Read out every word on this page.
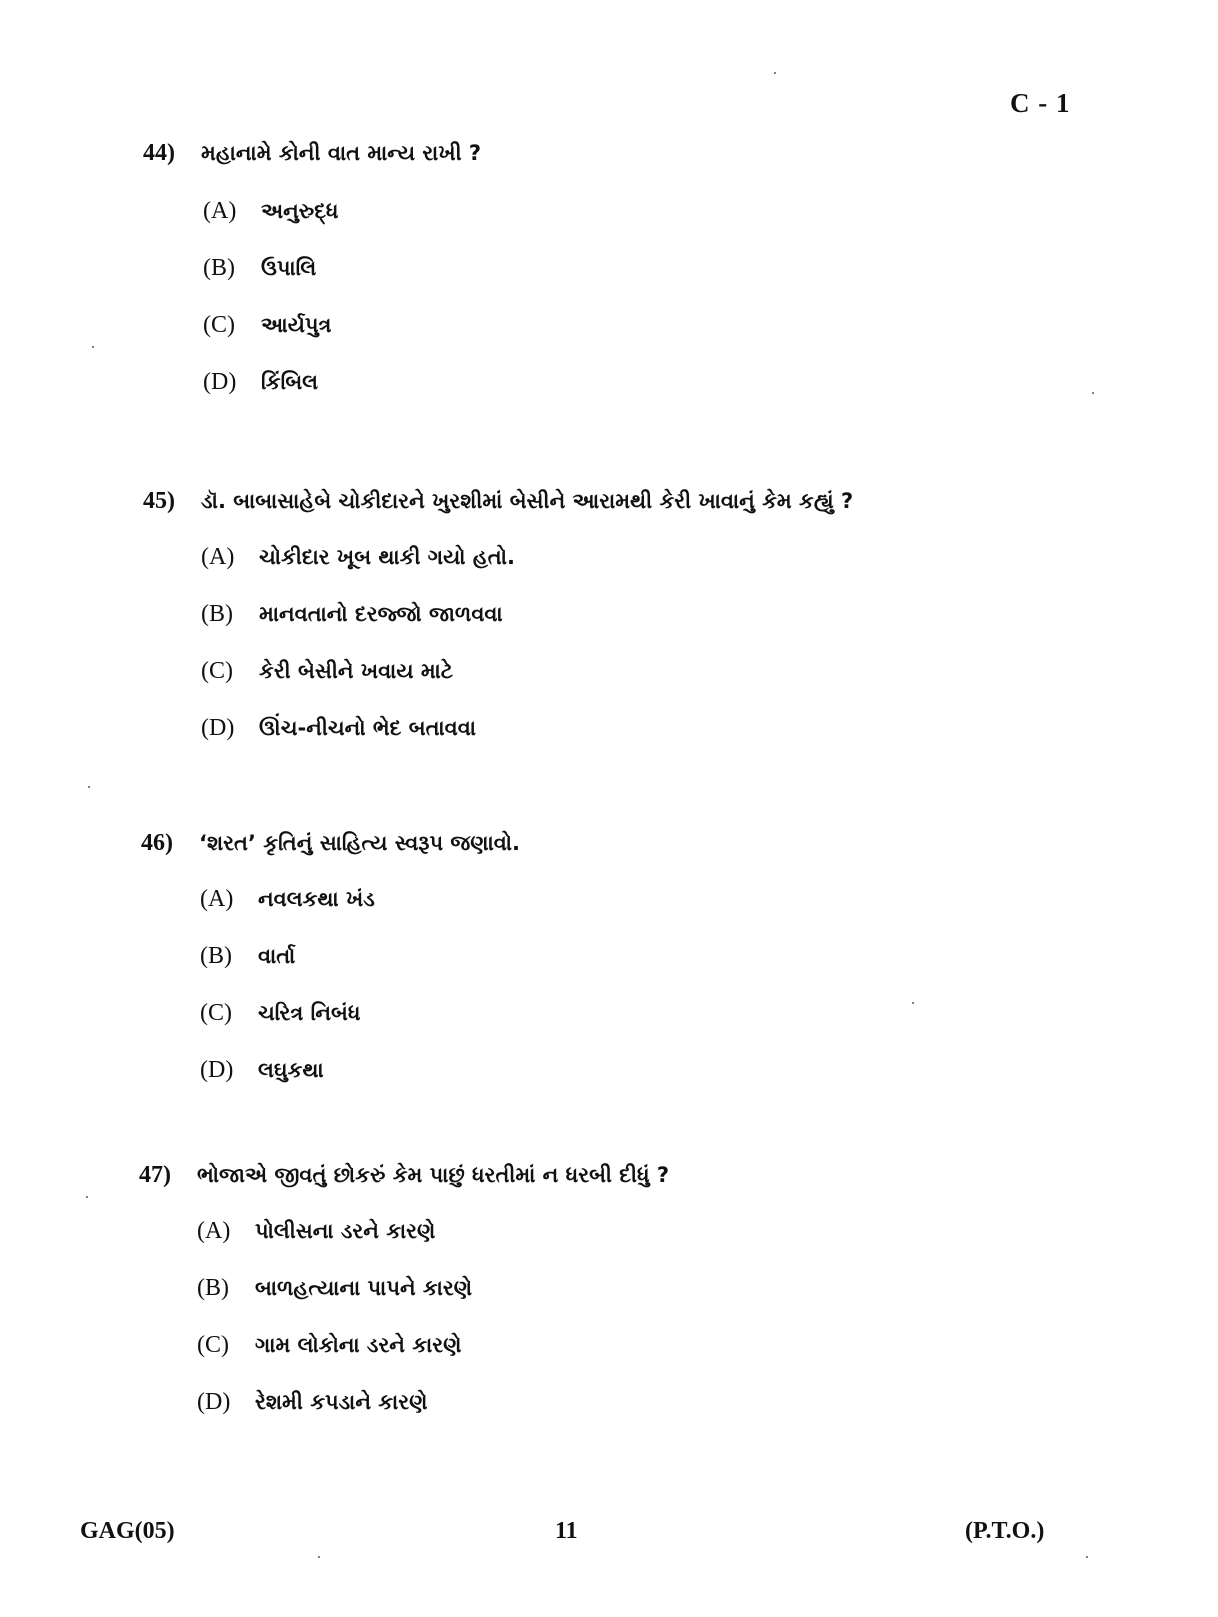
C - 1
44)	મહાનામે કોની વાત માન્ય રાખી ?
(A)	અનુરુદ્ધ
(B)	ઉપાલિ
(C)	આર્યપુત્ર
(D)	કિંબિલ
45)	ડૉ. બાબાસાહેબે ચોકીદારને ખુરશીમાં બેસીને આરામથી કેરી ખાવાનું કેમ કહ્યું ?
(A)	ચોકીદાર ખૂબ થાકી ગયો હતો.
(B)	માનવતાનો દરજ્જો જાળવવા
(C)	કેરી બેસીને ખવાય માટે
(D)	ઊંચ-નીચનો ભેદ બતાવવા
46)	‘શરત’ કૃતિનું સાહિત્ય સ્વરૂપ જણાવો.
(A)	નવલકથા ખંડ
(B)	વાર્તા
(C)	ચરિત્ર નિબંધ
(D)	લઘુકથા
47)	ભોજાએ જીવતું છોકરું કેમ પાછું ધરતીમાં ન ધરબી દીધું ?
(A)	પોલીસના ડરને કારણે
(B)	બાળહત્યાના પાપને કારણે
(C)	ગામ લોકોના ડરને કારણે
(D)	રેશમી કપડાને કારણે
GAG(05)	11	(P.T.O.)
